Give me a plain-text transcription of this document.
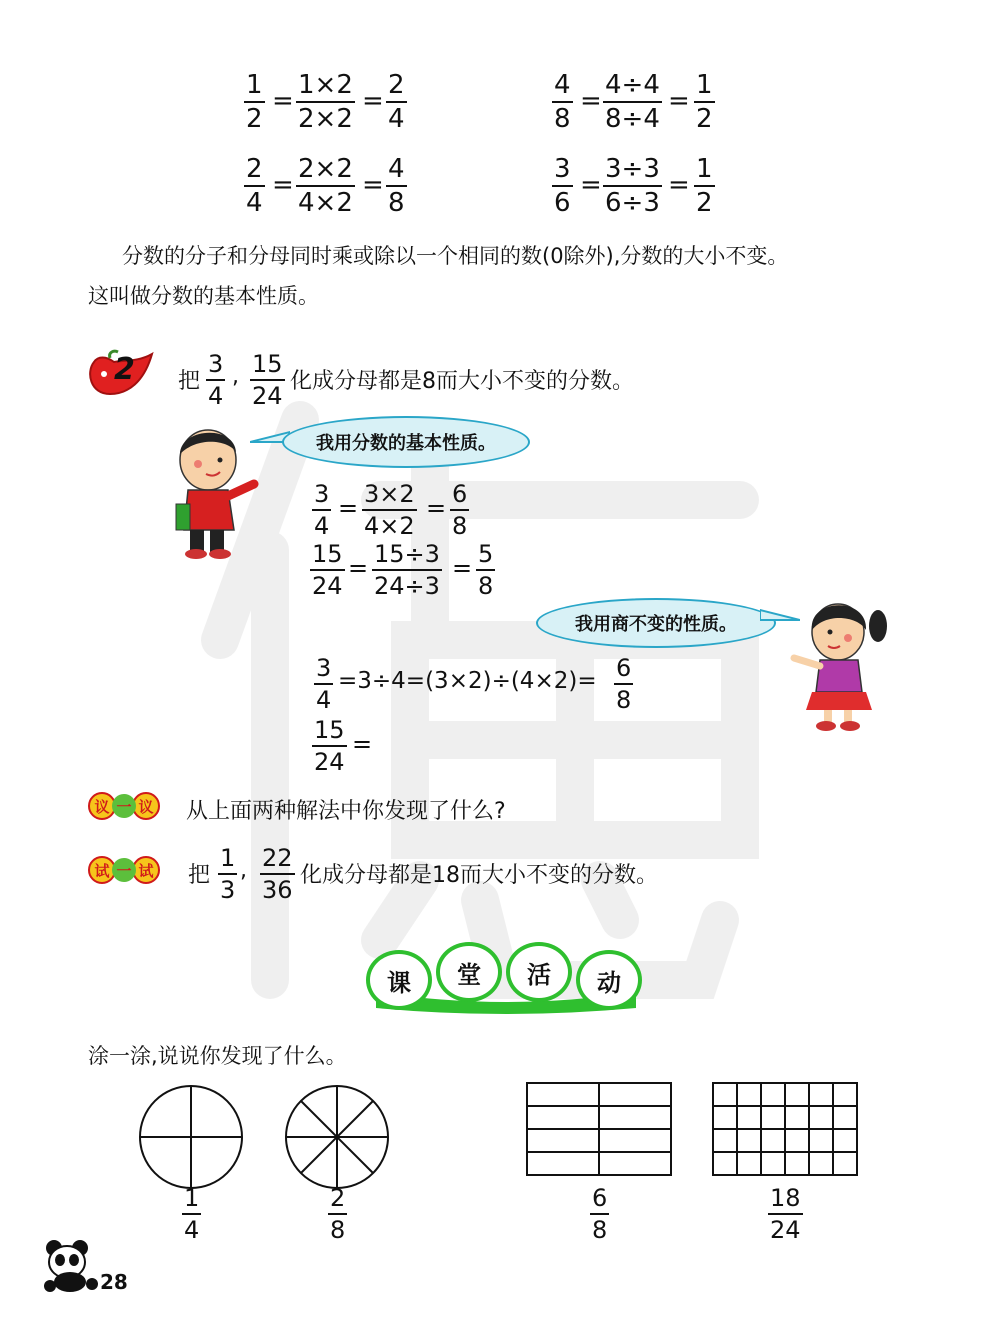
$\frac{1}{2} = \frac{1\times 2}{2\times 2} = \frac{2}{4}$	$\frac{4}{8} = \frac{4\div 4}{8\div 4} = \frac{1}{2}$
$\frac{2}{4} = \frac{2\times 2}{4\times 2} = \frac{4}{8}$	$\frac{3}{6} = \frac{3\div 3}{6\div 3} = \frac{1}{2}$
分数的分子和分母同时乘或除以一个相同的数(0除外),分数的大小不变。
这叫做分数的基本性质。
2 把 $\frac{3}{4}$ , $\frac{15}{24}$ 化成分母都是8而大小不变的分数。
我用分数的基本性质。
$\frac{3}{4} = \frac{3\times 2}{4\times 2} = \frac{6}{8}$
$\frac{15}{24} = \frac{15\div 3}{24\div 3} = \frac{5}{8}$
我用商不变的性质。
$\frac{3}{4} =3\div 4=(3\times 2)\div(4\times 2)= \frac{6}{8}$
$\frac{15}{24}$ =
议 一 议 从上面两种解法中你发现了什么?
试 一 试 把 $\frac{1}{3}$ , $\frac{22}{36}$ 化成分母都是18而大小不变的分数。
课	堂	活	动
涂一涂,说说你发现了什么。
$\frac{1}{4}$	$\frac{2}{8}$	$\frac{6}{8}$	$\frac{18}{24}$
28
